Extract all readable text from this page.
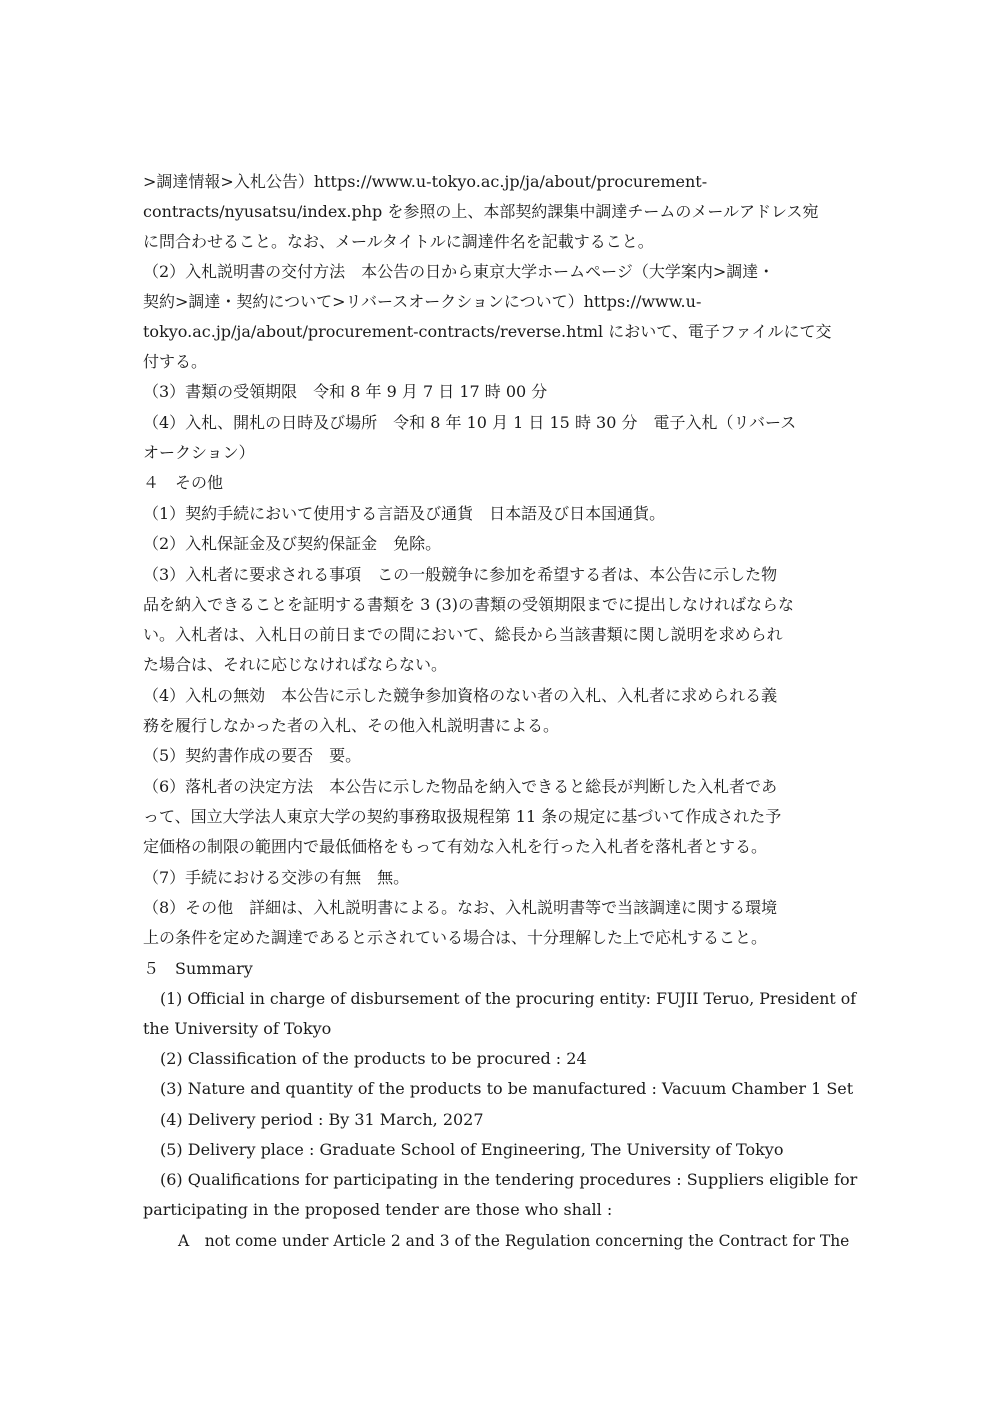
>調達情報>入札公告）https://www.u-tokyo.ac.jp/ja/about/procurement-
contracts/nyusatsu/index.php を参照の上、本部契約課集中調達チームのメールアドレス宛
に問合わせること。なお、メールタイトルに調達件名を記載すること。
（2）入札説明書の交付方法　本公告の日から東京大学ホームページ（大学案内>調達・
契約>調達・契約について>リバースオークションについて）https://www.u-
tokyo.ac.jp/ja/about/procurement-contracts/reverse.html において、電子ファイルにて交
付する。
（3）書類の受領期限　令和 8 年 9 月 7 日 17 時 00 分
（4）入札、開札の日時及び場所　令和 8 年 10 月 1 日 15 時 30 分　電子入札（リバース
オークション）
４　その他
（1）契約手続において使用する言語及び通貨　日本語及び日本国通貨。
（2）入札保証金及び契約保証金　免除。
（3）入札者に要求される事項　この一般競争に参加を希望する者は、本公告に示した物
品を納入できることを証明する書類を 3 (3)の書類の受領期限までに提出しなければならな
い。入札者は、入札日の前日までの間において、総長から当該書類に関し説明を求められ
た場合は、それに応じなければならない。
（4）入札の無効　本公告に示した競争参加資格のない者の入札、入札者に求められる義
務を履行しなかった者の入札、その他入札説明書による。
（5）契約書作成の要否　要。
（6）落札者の決定方法　本公告に示した物品を納入できると総長が判断した入札者であ
って、国立大学法人東京大学の契約事務取扱規程第 11 条の規定に基づいて作成された予
定価格の制限の範囲内で最低価格をもって有効な入札を行った入札者を落札者とする。
（7）手続における交渉の有無　無。
（8）その他　詳細は、入札説明書による。なお、入札説明書等で当該調達に関する環境
上の条件を定めた調達であると示されている場合は、十分理解した上で応札すること。
５　Summary
(1) Official in charge of disbursement of the procuring entity: FUJII Teruo, President of
the University of Tokyo
(2) Classification of the products to be procured : 24
(3) Nature and quantity of the products to be manufactured : Vacuum Chamber 1 Set
(4) Delivery period : By 31 March, 2027
(5) Delivery place : Graduate School of Engineering, The University of Tokyo
(6) Qualifications for participating in the tendering procedures : Suppliers eligible for
participating in the proposed tender are those who shall :
A　not come under Article 2 and 3 of the Regulation concerning the Contract for The
